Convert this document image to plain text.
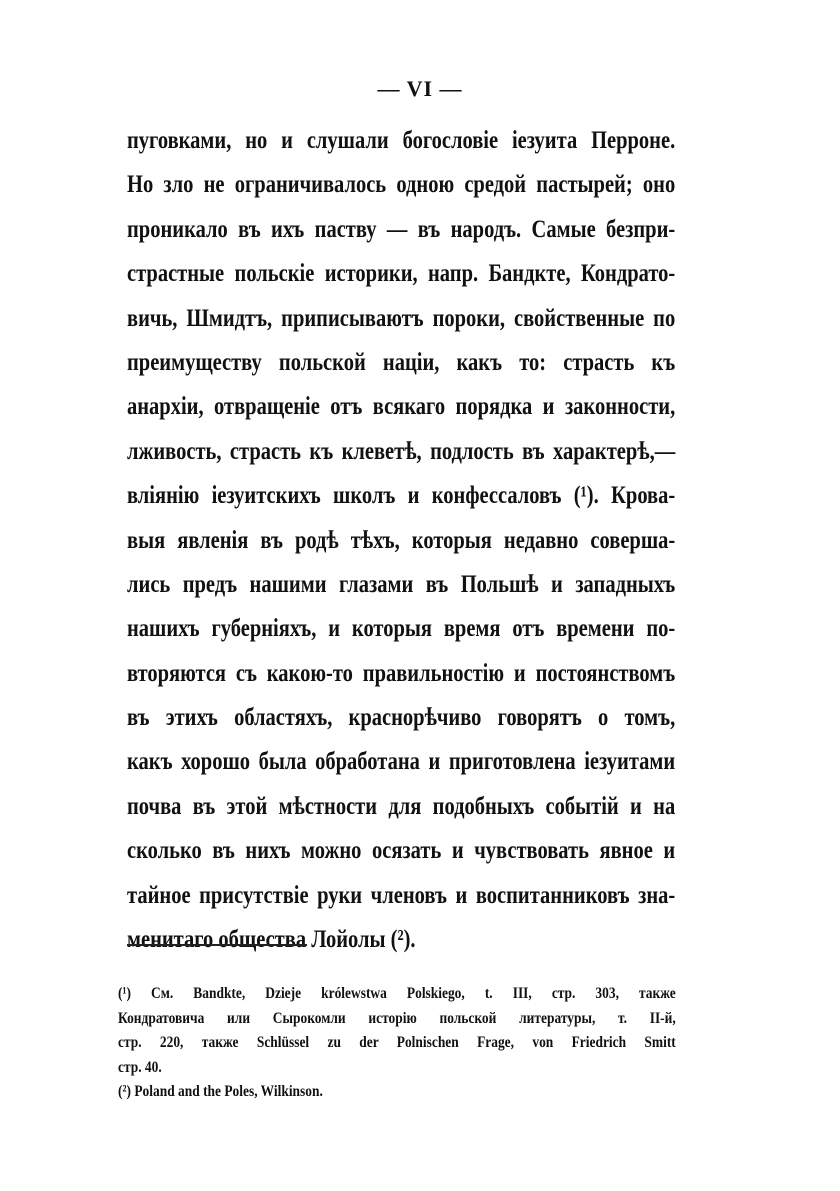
— VI —
пуговками, но и слушали богословіе іезуита Перроне.
Но зло не ограничивалось одною средой пастырей; оно
проникало въ ихъ паству — въ народъ. Самые безпри-
страстные польскіе историки, напр. Бандкте, Кондрато-
вичь, Шмидтъ, приписываютъ пороки, свойственные по
преимуществу польской націи, какъ то: страсть къ
анархіи, отвращеніе отъ всякаго порядка и законности,
лживость, страсть къ клеветѣ, подлость въ характерѣ,—
вліянію іезуитскихъ школъ и конфессаловъ (¹). Крова-
выя явленія въ родѣ тѣхъ, которыя недавно соверша-
лись предъ нашими глазами въ Польшѣ и западныхъ
нашихъ губерніяхъ, и которыя время отъ времени по-
вторяются съ какою-то правильностію и постоянствомъ
въ этихъ областяхъ, краснорѣчиво говорятъ о томъ,
какъ хорошо была обработана и приготовлена іезуитами
почва въ этой мѣстности для подобныхъ событій и на
сколько въ нихъ можно осязать и чувствовать явное и
тайное присутствіе руки членовъ и воспитанниковъ зна-
менитаго общества Лойолы (²).
(¹) См. Bandkte, Dzieje królewstwa Polskiego, t. III, стр. 303, также
Кондратовича или Сырокомли исторію польской литературы, т. II-й,
стр. 220, также Schlüssel zu der Polnischen Frage, von Friedrich Smitt
стр. 40.
(²) Poland and the Poles, Wilkinson.
